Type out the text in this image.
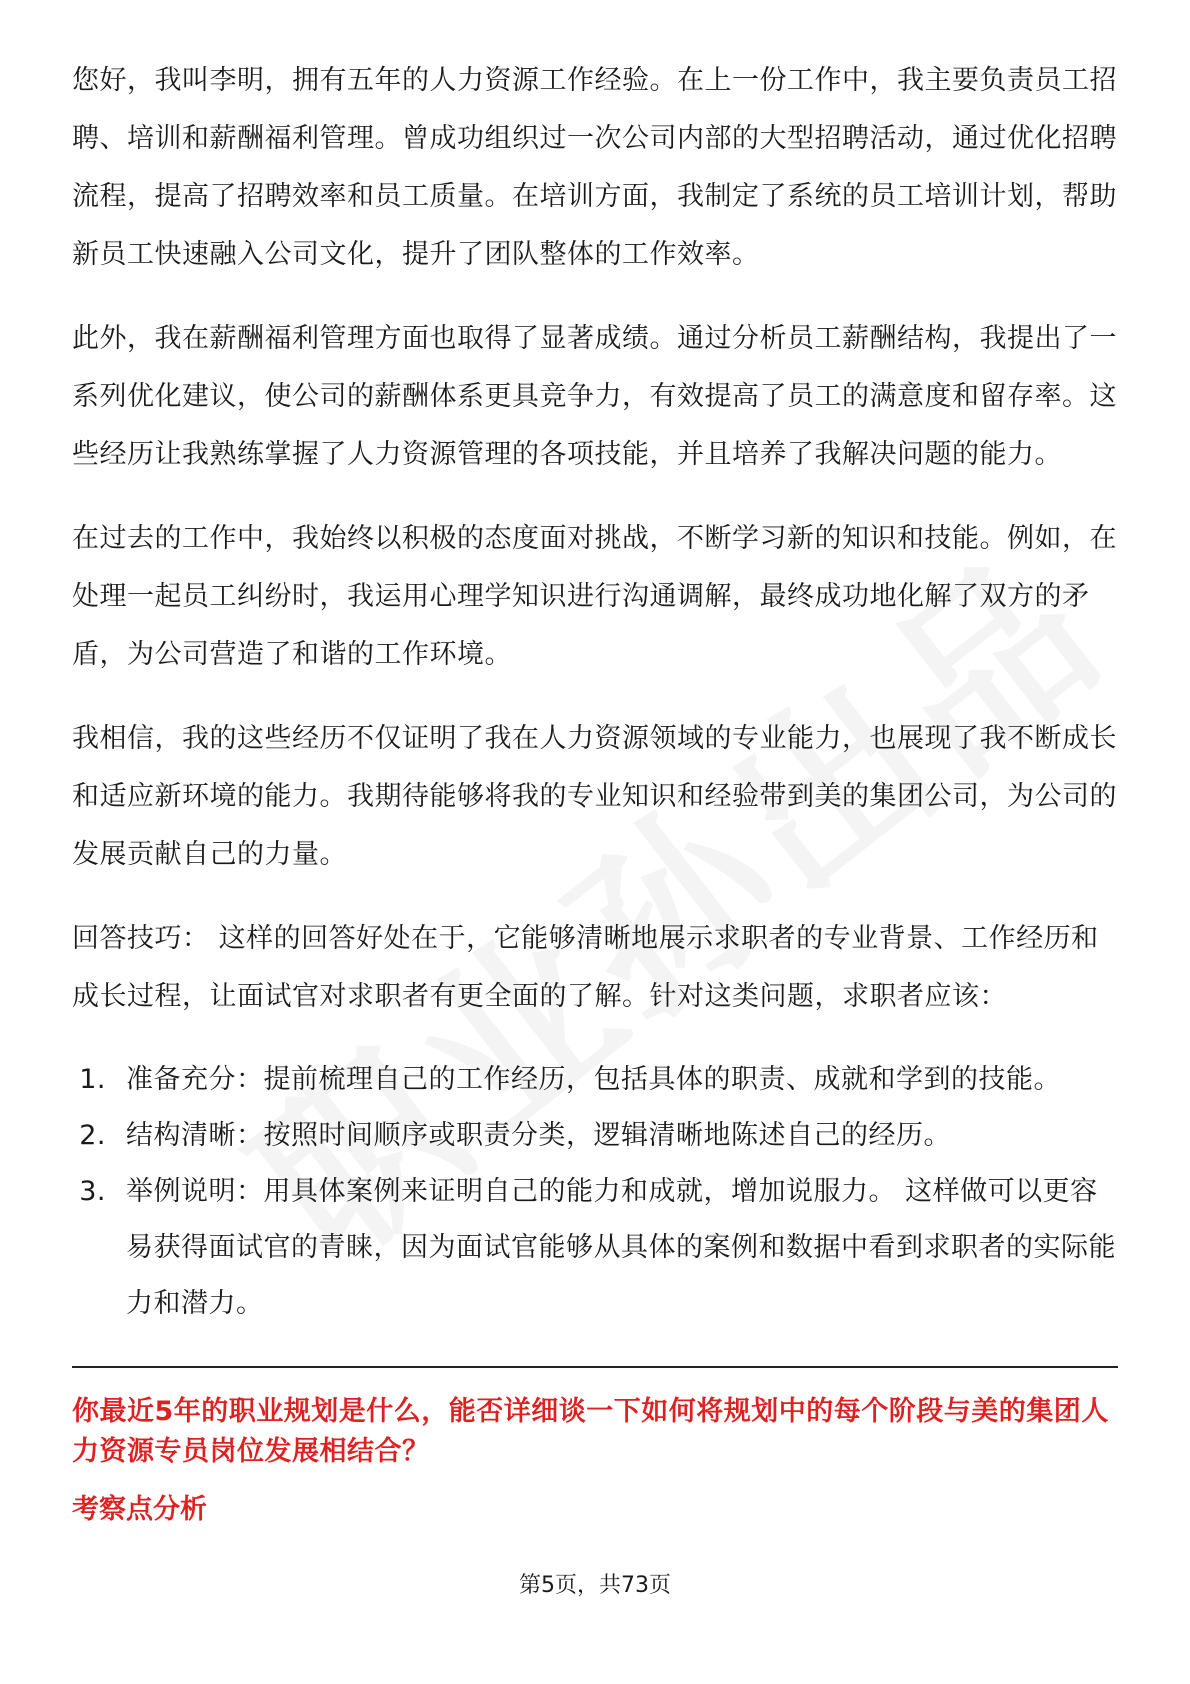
您好，我叫李明，拥有五年的人力资源工作经验。在上一份工作中，我主要负责员工招聘、培训和薪酬福利管理。曾成功组织过一次公司内部的大型招聘活动，通过优化招聘流程，提高了招聘效率和员工质量。在培训方面，我制定了系统的员工培训计划，帮助新员工快速融入公司文化，提升了团队整体的工作效率。

此外，我在薪酬福利管理方面也取得了显著成绩。通过分析员工薪酬结构，我提出了一系列优化建议，使公司的薪酬体系更具竞争力，有效提高了员工的满意度和留存率。这些经历让我熟练掌握了人力资源管理的各项技能，并且培养了我解决问题的能力。

在过去的工作中，我始终以积极的态度面对挑战，不断学习新的知识和技能。例如，在处理一起员工纠纷时，我运用心理学知识进行沟通调解，最终成功地化解了双方的矛盾，为公司营造了和谐的工作环境。

我相信，我的这些经历不仅证明了我在人力资源领域的专业能力，也展现了我不断成长和适应新环境的能力。我期待能够将我的专业知识和经验带到美的集团公司，为公司的发展贡献自己的力量。

回答技巧： 这样的回答好处在于，它能够清晰地展示求职者的专业背景、工作经历和成长过程，让面试官对求职者有更全面的了解。针对这类问题，求职者应该：

1. 准备充分：提前梳理自己的工作经历，包括具体的职责、成就和学到的技能。
2. 结构清晰：按照时间顺序或职责分类，逻辑清晰地陈述自己的经历。
3. 举例说明：用具体案例来证明自己的能力和成就，增加说服力。 这样做可以更容易获得面试官的青睐，因为面试官能够从具体的案例和数据中看到求职者的实际能力和潜力。

你最近5年的职业规划是什么，能否详细谈一下如何将规划中的每个阶段与美的集团人力资源专员岗位发展相结合？

考察点分析

第5页，共73页
